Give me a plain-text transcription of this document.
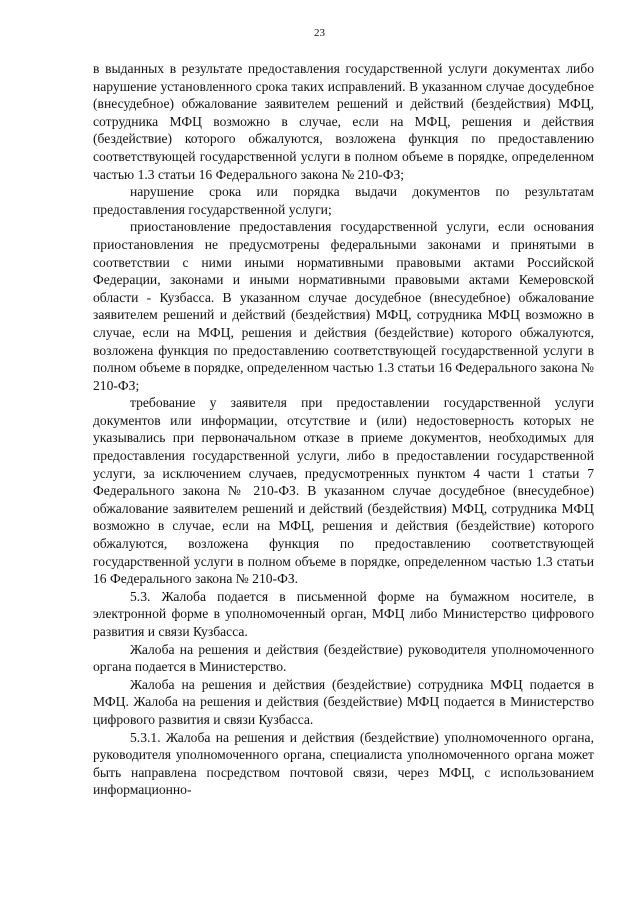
23

в выданных в результате предоставления государственной услуги документах либо нарушение установленного срока таких исправлений. В указанном случае досудебное (внесудебное) обжалование заявителем решений и действий (бездействия) МФЦ, сотрудника МФЦ возможно в случае, если на МФЦ, решения и действия (бездействие) которого обжалуются, возложена функция по предоставлению соответствующей государственной услуги в полном объеме в порядке, определенном частью 1.3 статьи 16 Федерального закона № 210-ФЗ;

нарушение срока или порядка выдачи документов по результатам предоставления государственной услуги;

приостановление предоставления государственной услуги, если основания приостановления не предусмотрены федеральными законами и принятыми в соответствии с ними иными нормативными правовыми актами Российской Федерации, законами и иными нормативными правовыми актами Кемеровской области - Кузбасса. В указанном случае досудебное (внесудебное) обжалование заявителем решений и действий (бездействия) МФЦ, сотрудника МФЦ возможно в случае, если на МФЦ, решения и действия (бездействие) которого обжалуются, возложена функция по предоставлению соответствующей государственной услуги в полном объеме в порядке, определенном частью 1.3 статьи 16 Федерального закона № 210-ФЗ;

требование у заявителя при предоставлении государственной услуги документов или информации, отсутствие и (или) недостоверность которых не указывались при первоначальном отказе в приеме документов, необходимых для предоставления государственной услуги, либо в предоставлении государственной услуги, за исключением случаев, предусмотренных пунктом 4 части 1 статьи 7 Федерального закона № 210-ФЗ. В указанном случае досудебное (внесудебное) обжалование заявителем решений и действий (бездействия) МФЦ, сотрудника МФЦ возможно в случае, если на МФЦ, решения и действия (бездействие) которого обжалуются, возложена функция по предоставлению соответствующей государственной услуги в полном объеме в порядке, определенном частью 1.3 статьи 16 Федерального закона № 210-ФЗ.

5.3. Жалоба подается в письменной форме на бумажном носителе, в электронной форме в уполномоченный орган, МФЦ либо Министерство цифрового развития и связи Кузбасса.

Жалоба на решения и действия (бездействие) руководителя уполномоченного органа подается в Министерство.

Жалоба на решения и действия (бездействие) сотрудника МФЦ подается в МФЦ. Жалоба на решения и действия (бездействие) МФЦ подается в Министерство цифрового развития и связи Кузбасса.

5.3.1. Жалоба на решения и действия (бездействие) уполномоченного органа, руководителя уполномоченного органа, специалиста уполномоченного органа может быть направлена посредством почтовой связи, через МФЦ, с использованием информационно-
